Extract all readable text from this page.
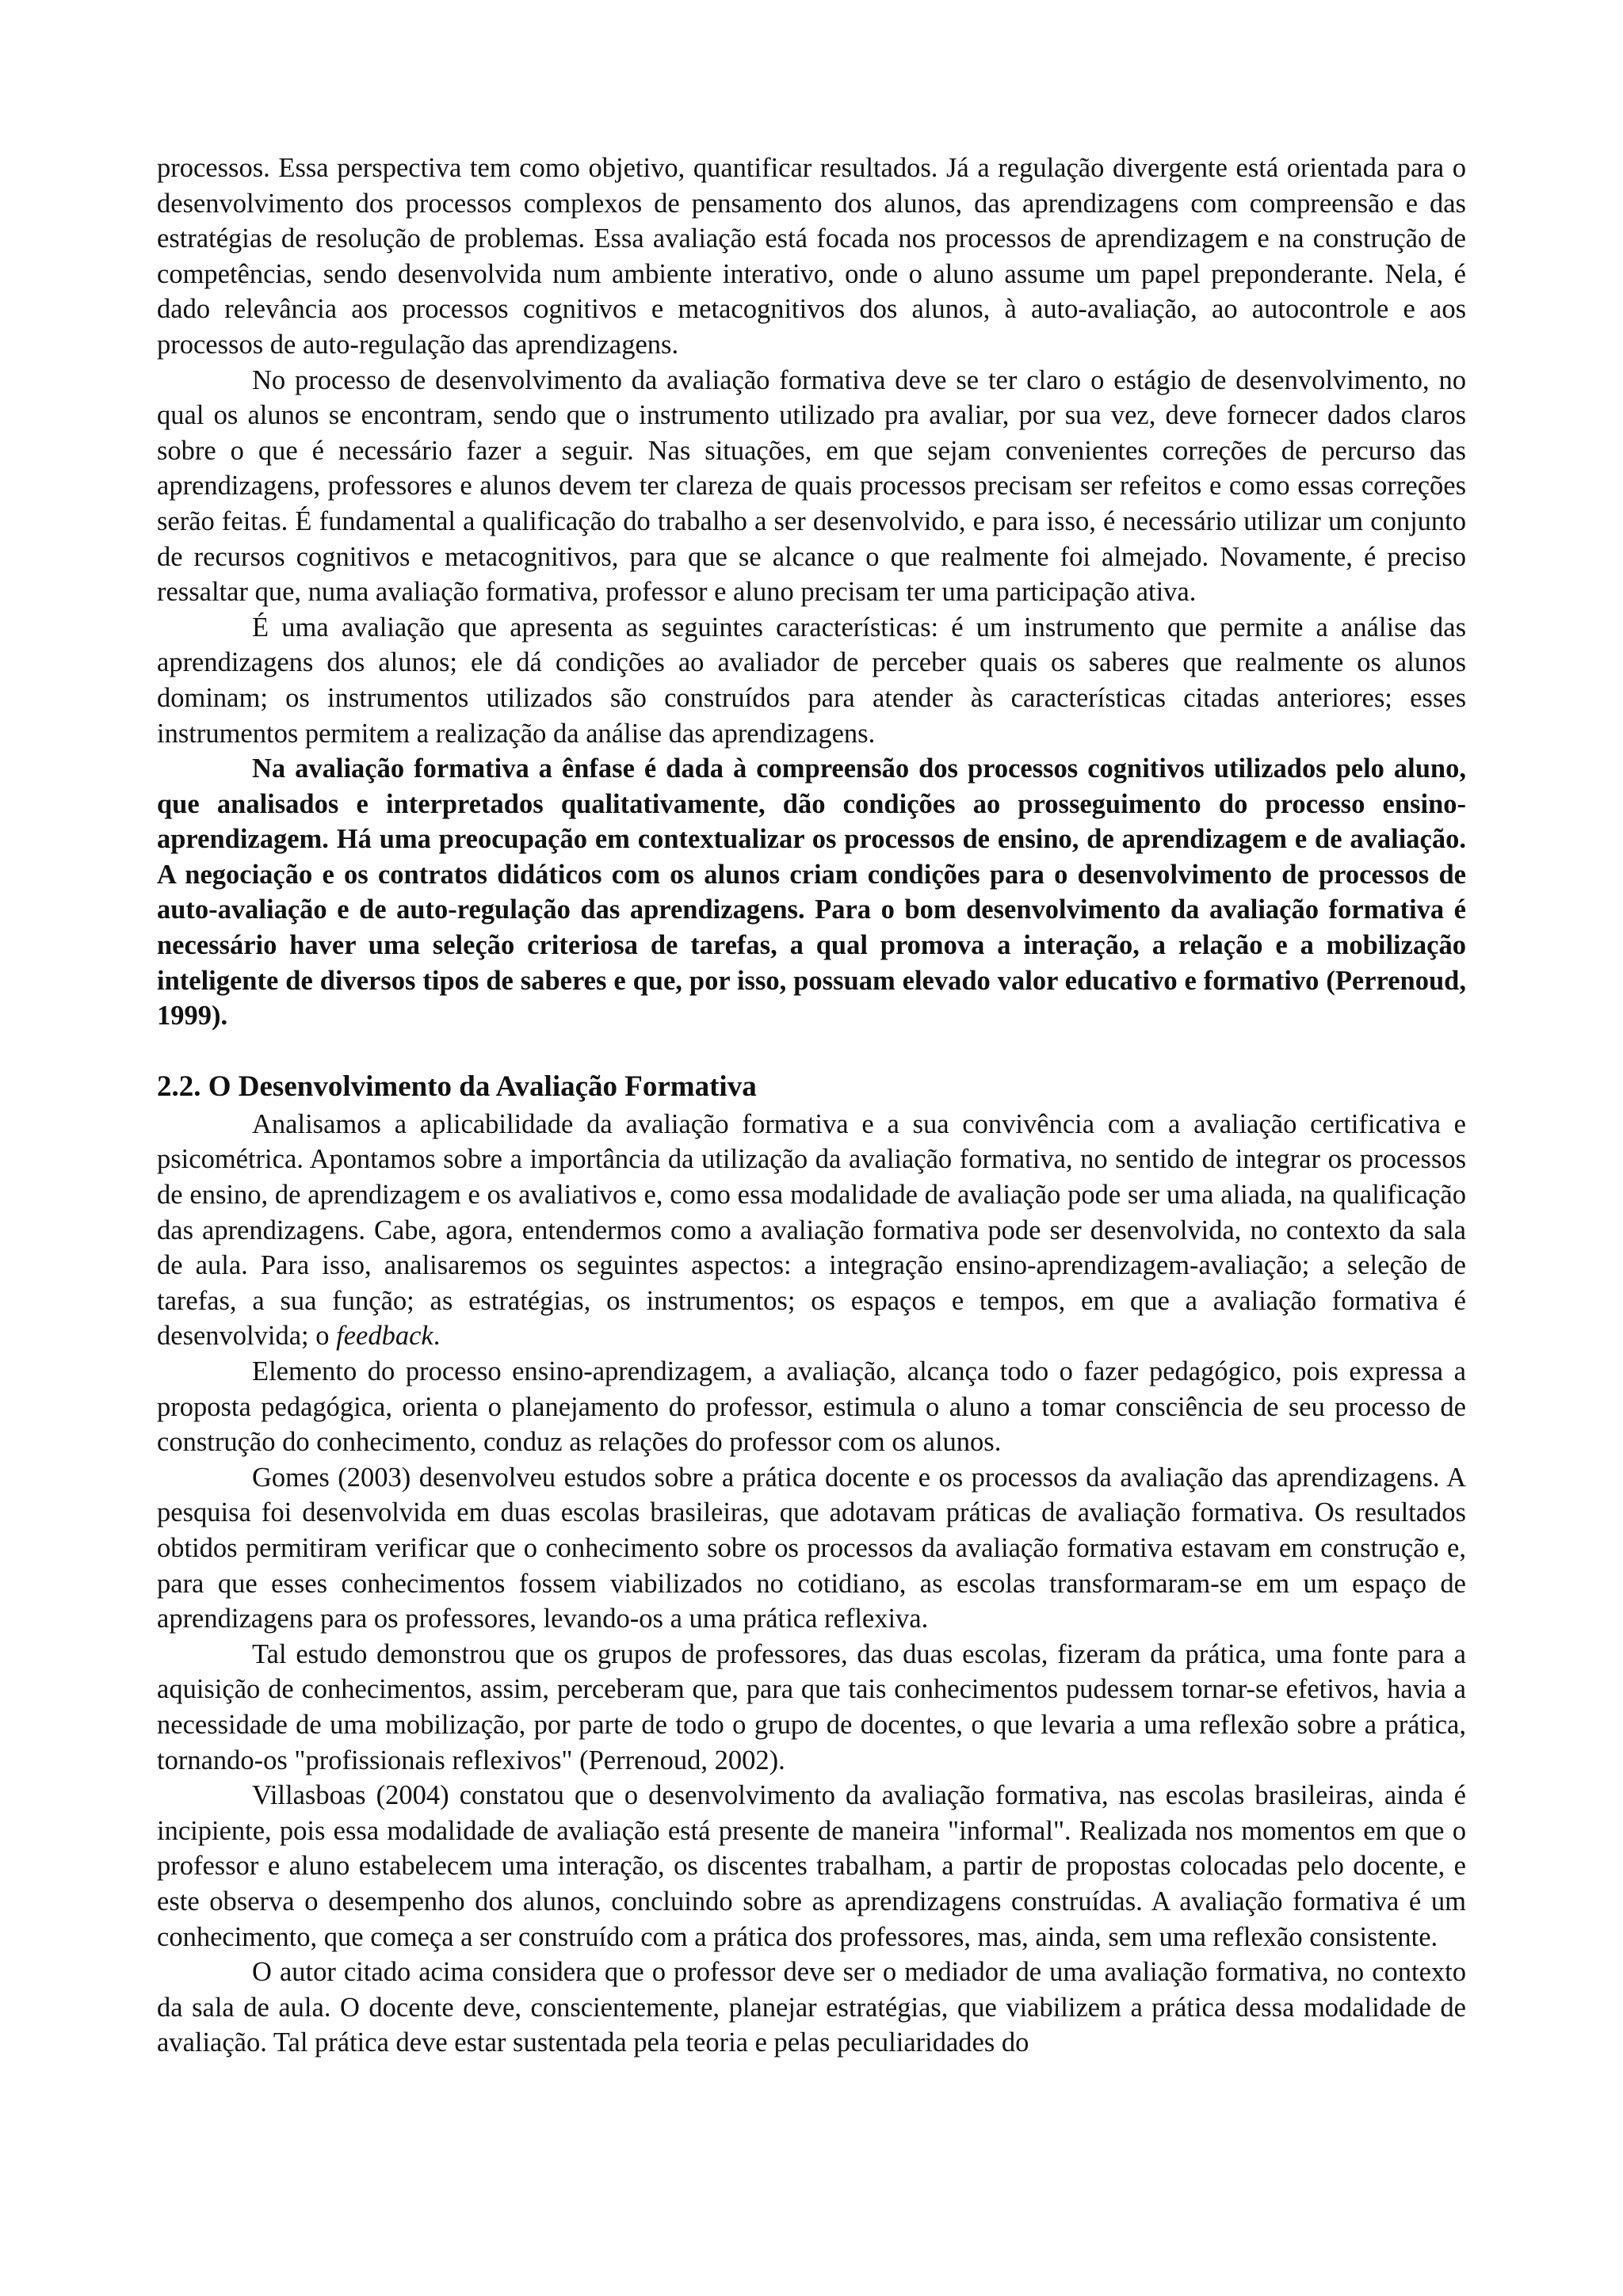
processos. Essa perspectiva tem como objetivo, quantificar resultados. Já a regulação divergente está orientada para o desenvolvimento dos processos complexos de pensamento dos alunos, das aprendizagens com compreensão e das estratégias de resolução de problemas. Essa avaliação está focada nos processos de aprendizagem e na construção de competências, sendo desenvolvida num ambiente interativo, onde o aluno assume um papel preponderante. Nela, é dado relevância aos processos cognitivos e metacognitivos dos alunos, à auto-avaliação, ao autocontrole e aos processos de auto-regulação das aprendizagens.

No processo de desenvolvimento da avaliação formativa deve se ter claro o estágio de desenvolvimento, no qual os alunos se encontram, sendo que o instrumento utilizado pra avaliar, por sua vez, deve fornecer dados claros sobre o que é necessário fazer a seguir. Nas situações, em que sejam convenientes correções de percurso das aprendizagens, professores e alunos devem ter clareza de quais processos precisam ser refeitos e como essas correções serão feitas. É fundamental a qualificação do trabalho a ser desenvolvido, e para isso, é necessário utilizar um conjunto de recursos cognitivos e metacognitivos, para que se alcance o que realmente foi almejado. Novamente, é preciso ressaltar que, numa avaliação formativa, professor e aluno precisam ter uma participação ativa.

É uma avaliação que apresenta as seguintes características: é um instrumento que permite a análise das aprendizagens dos alunos; ele dá condições ao avaliador de perceber quais os saberes que realmente os alunos dominam; os instrumentos utilizados são construídos para atender às características citadas anteriores; esses instrumentos permitem a realização da análise das aprendizagens.

Na avaliação formativa a ênfase é dada à compreensão dos processos cognitivos utilizados pelo aluno, que analisados e interpretados qualitativamente, dão condições ao prosseguimento do processo ensino-aprendizagem. Há uma preocupação em contextualizar os processos de ensino, de aprendizagem e de avaliação. A negociação e os contratos didáticos com os alunos criam condições para o desenvolvimento de processos de auto-avaliação e de auto-regulação das aprendizagens. Para o bom desenvolvimento da avaliação formativa é necessário haver uma seleção criteriosa de tarefas, a qual promova a interação, a relação e a mobilização inteligente de diversos tipos de saberes e que, por isso, possuam elevado valor educativo e formativo (Perrenoud, 1999).

2.2. O Desenvolvimento da Avaliação Formativa

Analisamos a aplicabilidade da avaliação formativa e a sua convivência com a avaliação certificativa e psicométrica. Apontamos sobre a importância da utilização da avaliação formativa, no sentido de integrar os processos de ensino, de aprendizagem e os avaliativos e, como essa modalidade de avaliação pode ser uma aliada, na qualificação das aprendizagens. Cabe, agora, entendermos como a avaliação formativa pode ser desenvolvida, no contexto da sala de aula. Para isso, analisaremos os seguintes aspectos: a integração ensino-aprendizagem-avaliação; a seleção de tarefas, a sua função; as estratégias, os instrumentos; os espaços e tempos, em que a avaliação formativa é desenvolvida; o feedback.

Elemento do processo ensino-aprendizagem, a avaliação, alcança todo o fazer pedagógico, pois expressa a proposta pedagógica, orienta o planejamento do professor, estimula o aluno a tomar consciência de seu processo de construção do conhecimento, conduz as relações do professor com os alunos.

Gomes (2003) desenvolveu estudos sobre a prática docente e os processos da avaliação das aprendizagens. A pesquisa foi desenvolvida em duas escolas brasileiras, que adotavam práticas de avaliação formativa. Os resultados obtidos permitiram verificar que o conhecimento sobre os processos da avaliação formativa estavam em construção e, para que esses conhecimentos fossem viabilizados no cotidiano, as escolas transformaram-se em um espaço de aprendizagens para os professores, levando-os a uma prática reflexiva.

Tal estudo demonstrou que os grupos de professores, das duas escolas, fizeram da prática, uma fonte para a aquisição de conhecimentos, assim, perceberam que, para que tais conhecimentos pudessem tornar-se efetivos, havia a necessidade de uma mobilização, por parte de todo o grupo de docentes, o que levaria a uma reflexão sobre a prática, tornando-os "profissionais reflexivos" (Perrenoud, 2002).

Villasboas (2004) constatou que o desenvolvimento da avaliação formativa, nas escolas brasileiras, ainda é incipiente, pois essa modalidade de avaliação está presente de maneira "informal". Realizada nos momentos em que o professor e aluno estabelecem uma interação, os discentes trabalham, a partir de propostas colocadas pelo docente, e este observa o desempenho dos alunos, concluindo sobre as aprendizagens construídas. A avaliação formativa é um conhecimento, que começa a ser construído com a prática dos professores, mas, ainda, sem uma reflexão consistente.

O autor citado acima considera que o professor deve ser o mediador de uma avaliação formativa, no contexto da sala de aula. O docente deve, conscientemente, planejar estratégias, que viabilizem a prática dessa modalidade de avaliação. Tal prática deve estar sustentada pela teoria e pelas peculiaridades do
